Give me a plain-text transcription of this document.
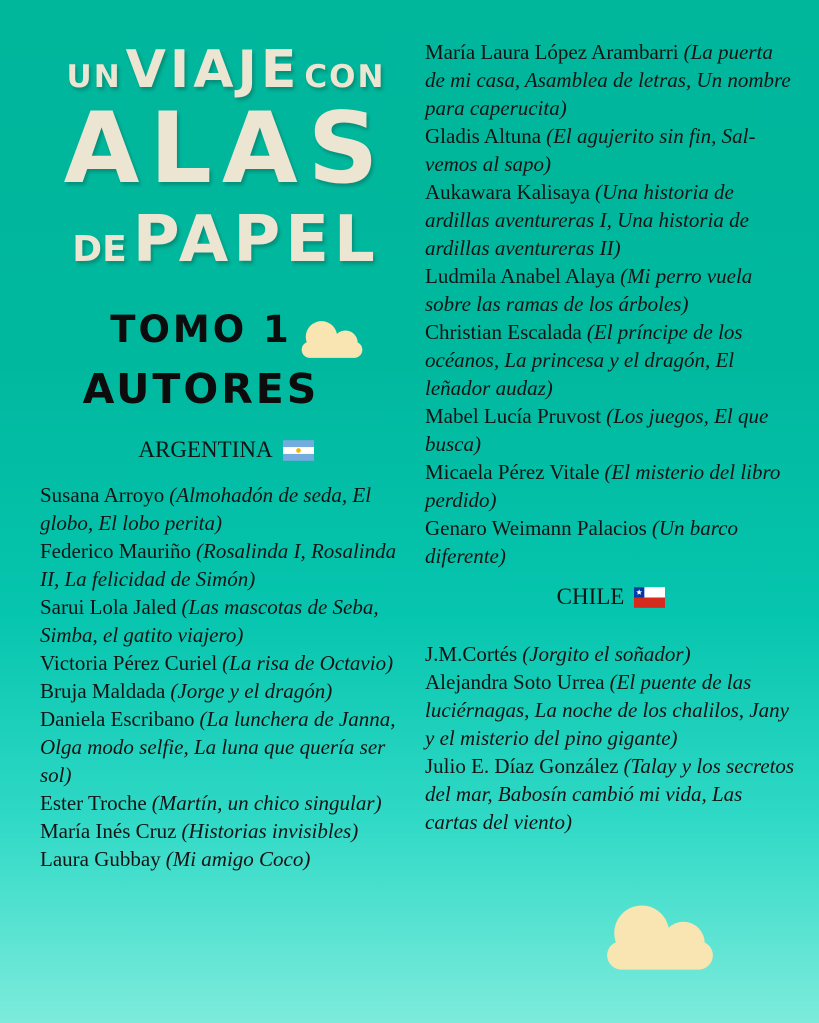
UNVIAJE CON
ALAS
DEPAPEL
TOMO 1
AUTORES
ARGENTINA
Susana Arroyo (Almohadón de seda, El globo, El lobo perita)
Federico Mauriño (Rosalinda I, Rosalinda II, La felicidad de Simón)
Sarui Lola Jaled (Las mascotas de Seba, Simba, el gatito viajero)
Victoria Pérez Curiel (La risa de Octavio)
Bruja Maldada (Jorge y el dragón)
Daniela Escribano (La lunchera de Janna, Olga modo selfie, La luna que quería ser sol)
Ester Troche (Martín, un chico singular)
María Inés Cruz (Historias invisibles)
Laura Gubbay (Mi amigo Coco)
María Laura López Arambarri (La puerta de mi casa, Asamblea de letras, Un nombre para caperucita)
Gladis Altuna (El agujerito sin fin, Salvemos al sapo)
Aukawara Kalisaya (Una historia de ardillas aventureras I, Una historia de ardillas aventureras II)
Ludmila Anabel Alaya (Mi perro vuela sobre las ramas de los árboles)
Christian Escalada (El príncipe de los océanos, La princesa y el dragón, El leñador audaz)
Mabel Lucía Pruvost (Los juegos, El que busca)
Micaela Pérez Vitale (El misterio del libro perdido)
Genaro Weimann Palacios (Un barco diferente)
CHILE
J.M.Cortés (Jorgito el soñador)
Alejandra Soto Urrea (El puente de las luciérnagas, La noche de los chalilos, Jany y el misterio del pino gigante)
Julio E. Díaz González (Talay y los secretos del mar, Babosín cambió mi vida, Las cartas del viento)
